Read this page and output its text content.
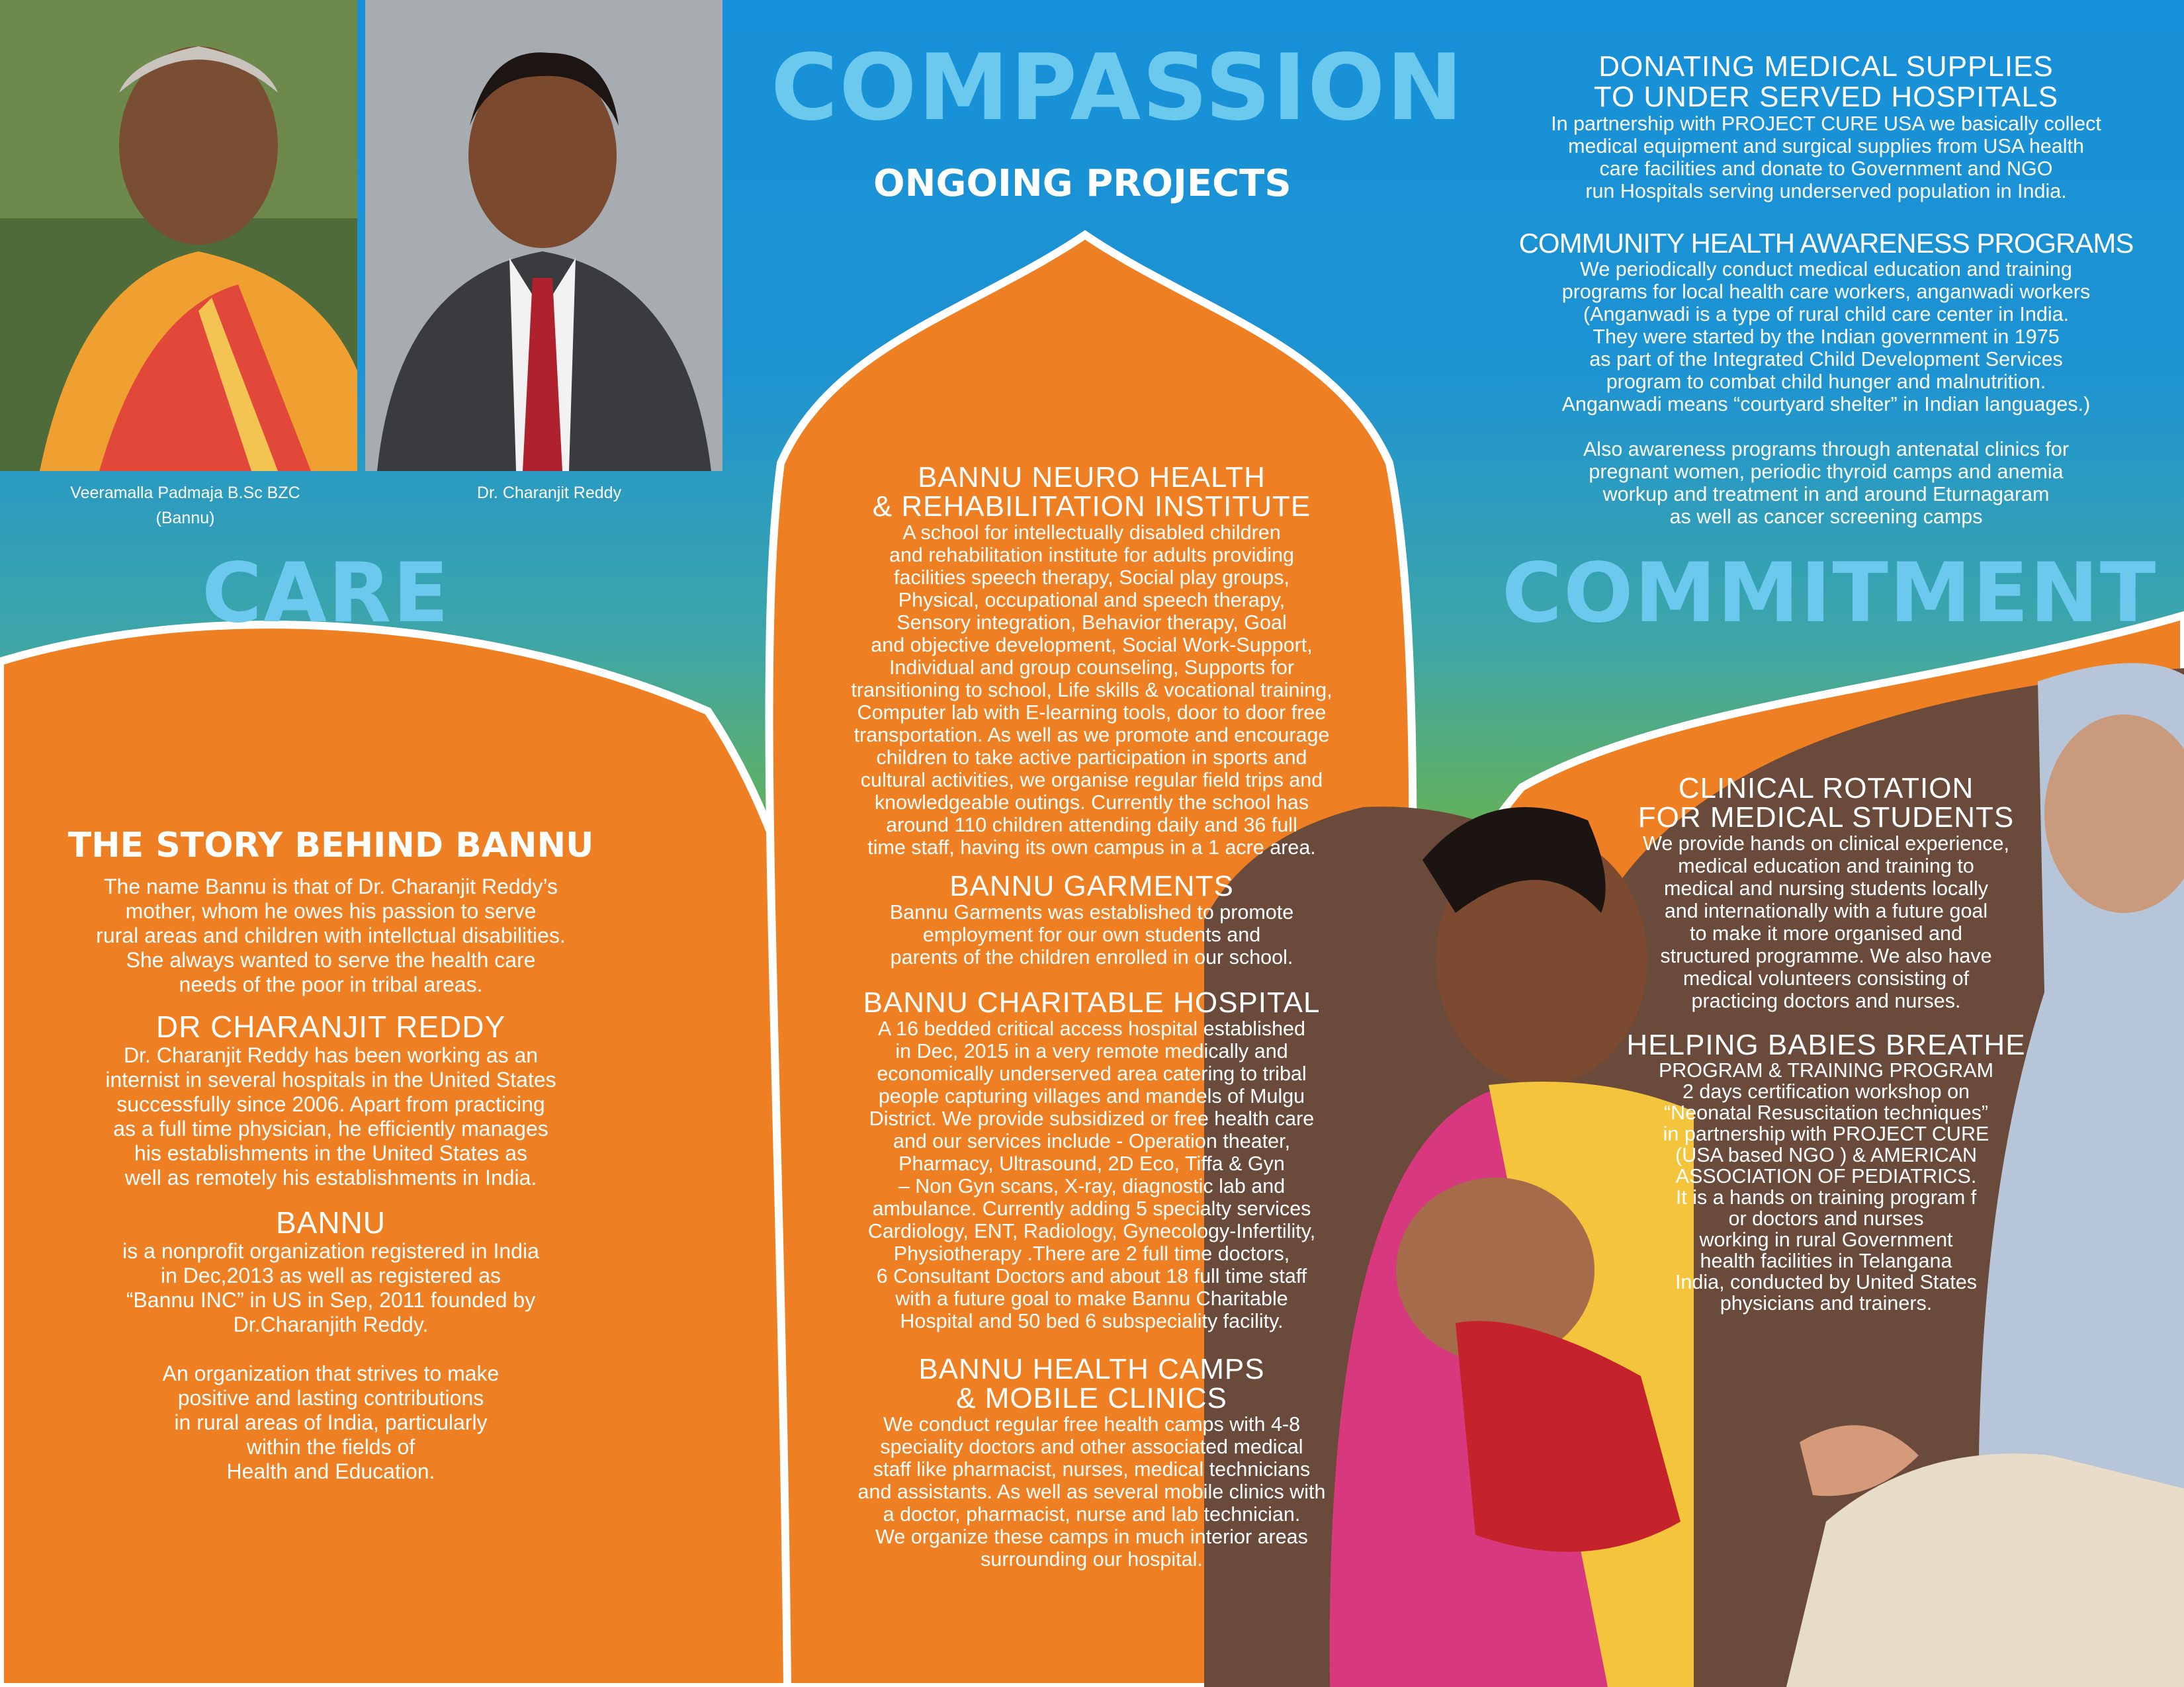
Veeramalla Padmaja B.Sc BZC
(Bannu)
Dr. Charanjit Reddy
COMPASSION
ONGOING PROJECTS
CARE	COMMITMENT
THE STORY BEHIND BANNU
The name Bannu is that of Dr. Charanjit Reddy’s
mother, whom he owes his passion to serve
rural areas and children with intellctual disabilities.
She always wanted to serve the health care
needs of the poor in tribal areas.
DR CHARANJIT REDDY
Dr. Charanjit Reddy has been working as an
internist in several hospitals in the United States
successfully since 2006. Apart from practicing
as a full time physician, he efficiently manages
his establishments in the United States as
well as remotely his establishments in India.
BANNU
is a nonprofit organization registered in India
in Dec,2013 as well as registered as
“Bannu INC” in US in Sep, 2011 founded by
Dr.Charanjith Reddy.
An organization that strives to make
positive and lasting contributions
in rural areas of India, particularly
within the fields of
Health and Education.
BANNU NEURO HEALTH
& REHABILITATION INSTITUTE
A school for intellectually disabled children
and rehabilitation institute for adults providing
facilities speech therapy, Social play groups,
Physical, occupational and speech therapy,
Sensory integration, Behavior therapy, Goal
and objective development, Social Work-Support,
Individual and group counseling, Supports for
transitioning to school, Life skills & vocational training,
Computer lab with E-learning tools, door to door free
transportation. As well as we promote and encourage
children to take active participation in sports and
cultural activities, we organise regular field trips and
knowledgeable outings. Currently the school has
around 110 children attending daily and 36 full
time staff, having its own campus in a 1 acre area.
BANNU GARMENTS
Bannu Garments was established to promote
employment for our own students and
parents of the children enrolled in our school.
BANNU CHARITABLE HOSPITAL
A 16 bedded critical access hospital established
in Dec, 2015 in a very remote medically and
economically underserved area catering to tribal
people capturing villages and mandels of Mulgu
District. We provide subsidized or free health care
and our services include - Operation theater,
Pharmacy, Ultrasound, 2D Eco, Tiffa & Gyn
– Non Gyn scans, X-ray, diagnostic lab and
ambulance. Currently adding 5 specialty services
Cardiology, ENT, Radiology, Gynecology-Infertility,
Physiotherapy .There are 2 full time doctors,
6 Consultant Doctors and about 18 full time staff
with a future goal to make Bannu Charitable
Hospital and 50 bed 6 subspeciality facility.
BANNU HEALTH CAMPS
& MOBILE CLINICS
We conduct regular free health camps with 4-8
speciality doctors and other associated medical
staff like pharmacist, nurses, medical technicians
and assistants. As well as several mobile clinics with
a doctor, pharmacist, nurse and lab technician.
We organize these camps in much interior areas
surrounding our hospital.
DONATING MEDICAL SUPPLIES
TO UNDER SERVED HOSPITALS
In partnership with PROJECT CURE USA we basically collect
medical equipment and surgical supplies from USA health
care facilities and donate to Government and NGO
run Hospitals serving underserved population in India.
COMMUNITY HEALTH AWARENESS PROGRAMS
We periodically conduct medical education and training
programs for local health care workers, anganwadi workers
(Anganwadi is a type of rural child care center in India.
They were started by the Indian government in 1975
as part of the Integrated Child Development Services
program to combat child hunger and malnutrition.
Anganwadi means “courtyard shelter” in Indian languages.)
Also awareness programs through antenatal clinics for
pregnant women, periodic thyroid camps and anemia
workup and treatment in and around Eturnagaram
as well as cancer screening camps
CLINICAL ROTATION
FOR MEDICAL STUDENTS
We provide hands on clinical experience,
medical education and training to
medical and nursing students locally
and internationally with a future goal
to make it more organised and
structured programme. We also have
medical volunteers consisting of
practicing doctors and nurses.
HELPING BABIES BREATHE
PROGRAM & TRAINING PROGRAM
2 days certification workshop on
“Neonatal Resuscitation techniques”
in partnership with PROJECT CURE
(USA based NGO ) & AMERICAN
ASSOCIATION OF PEDIATRICS.
It is a hands on training program f
or doctors and nurses
working in rural Government
health facilities in Telangana
India, conducted by United States
physicians and trainers.
